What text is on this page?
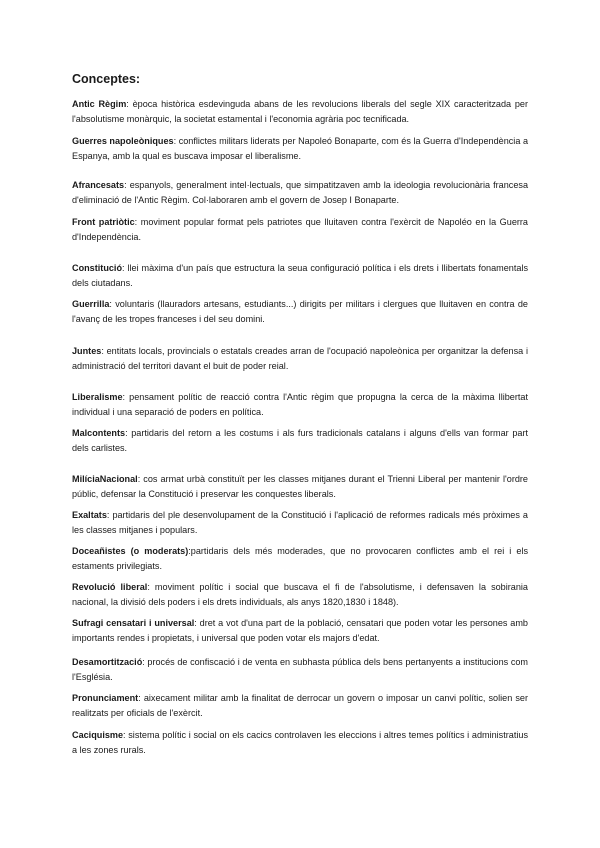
Conceptes:

Antic Règim: època històrica esdevinguda abans de les revolucions liberals del segle XIX caracteritzada per l'absolutisme monàrquic, la societat estamental i l'economia agrària poc tecnificada.

Guerres napoleòniques: conflictes militars liderats per Napoleó Bonaparte, com és la Guerra d'Independència a Espanya, amb la qual es buscava imposar el liberalisme.

Afrancesats: espanyols, generalment intel·lectuals, que simpatitzaven amb la ideologia revolucionària francesa d'eliminació de l'Antic Règim. Col·laboraren amb el govern de Josep I Bonaparte.

Front patriòtic: moviment popular format pels patriotes que lluitaven contra l'exèrcit de Napoléo en la Guerra d'Independència.

Constitució: llei màxima d'un país que estructura la seua configuració política i els drets i llibertats fonamentals dels ciutadans.

Guerrilla: voluntaris (llauradors artesans, estudiants...) dirigits per militars i clergues que lluitaven en contra de l'avanç de les tropes franceses i del seu domini.

Juntes: entitats locals, provincials o estatals creades arran de l'ocupació napoleònica per organitzar la defensa i administració del territori davant el buit de poder reial.

Liberalisme: pensament polític de reacció contra l'Antic règim que propugna la cerca de la màxima llibertat individual i una separació de poders en política.

Malcontents: partidaris del retorn a les costums i als furs tradicionals catalans i alguns d'ells van formar part dels carlistes.

MilíciaNacional: cos armat urbà constituït per les classes mitjanes durant el Trienni Liberal per mantenir l'ordre públic, defensar la Constitució i preservar les conquestes liberals.

Exaltats: partidaris del ple desenvolupament de la Constitució i l'aplicació de reformes radicals més pròximes a les classes mitjanes i populars.

Doceañistes (o moderats):partidaris dels més moderades, que no provocaren conflictes amb el rei i els estaments privilegiats.

Revolució liberal: moviment polític i social que buscava el fi de l'absolutisme, i defensaven la sobirania nacional, la divisió dels poders i els drets individuals, als anys 1820,1830 i 1848).

Sufragi censatari i universal: dret a vot d'una part de la població, censatari que poden votar les persones amb importants rendes i propietats, i universal que poden votar els majors d'edat.

Desamortització: procés de confiscació i de venta en subhasta pública dels bens pertanyents a institucions com l'Església.

Pronunciament: aixecament militar amb la finalitat de derrocar un govern o imposar un canvi polític, solien ser realitzats per oficials de l'exèrcit.

Caciquisme: sistema polític i social on els cacics controlaven les eleccions i altres temes polítics i administratius a les zones rurals.
